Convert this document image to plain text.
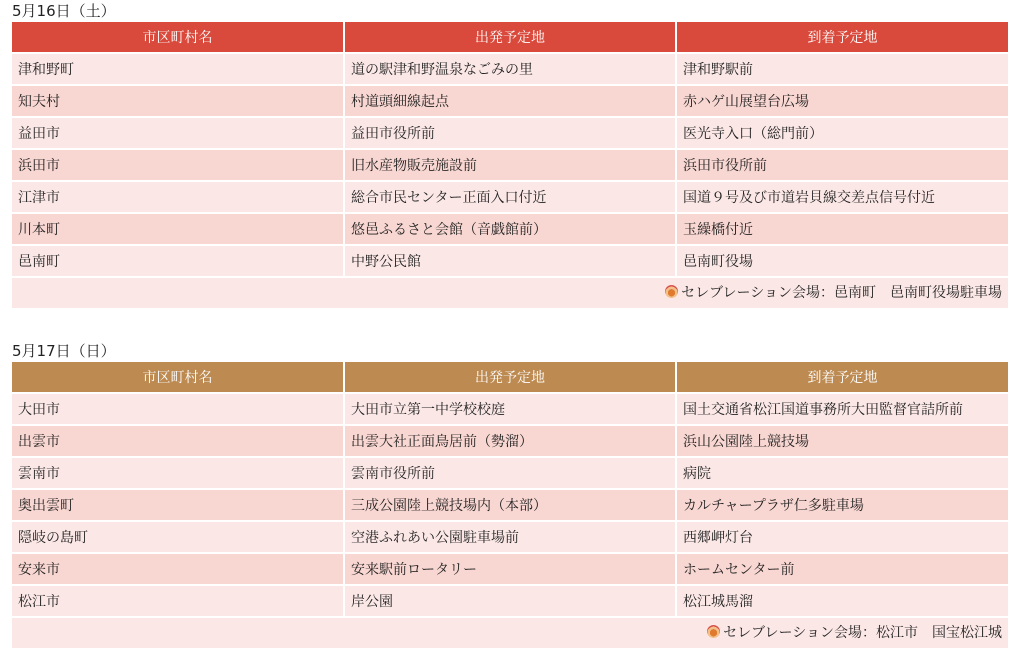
5月16日（土）
市区町村名	出発予定地	到着予定地
津和野町	道の駅津和野温泉なごみの里	津和野駅前
知夫村	村道頭細線起点	赤ハゲ山展望台広場
益田市	益田市役所前	医光寺入口（総門前）
浜田市	旧水産物販売施設前	浜田市役所前
江津市	総合市民センター正面入口付近	国道９号及び市道岩貝線交差点信号付近
川本町	悠邑ふるさと会館（音戯館前）	玉繰橋付近
邑南町	中野公民館	邑南町役場
セレブレーション会場：邑南町　邑南町役場駐車場
5月17日（日）
市区町村名	出発予定地	到着予定地
大田市	大田市立第一中学校校庭	国土交通省松江国道事務所大田監督官詰所前
出雲市	出雲大社正面鳥居前（勢溜）	浜山公園陸上競技場
雲南市	雲南市役所前	病院
奥出雲町	三成公園陸上競技場内（本部）	カルチャープラザ仁多駐車場
隠岐の島町	空港ふれあい公園駐車場前	西郷岬灯台
安来市	安来駅前ロータリー	ホームセンター前
松江市	岸公園	松江城馬溜
セレブレーション会場：松江市　国宝松江城
